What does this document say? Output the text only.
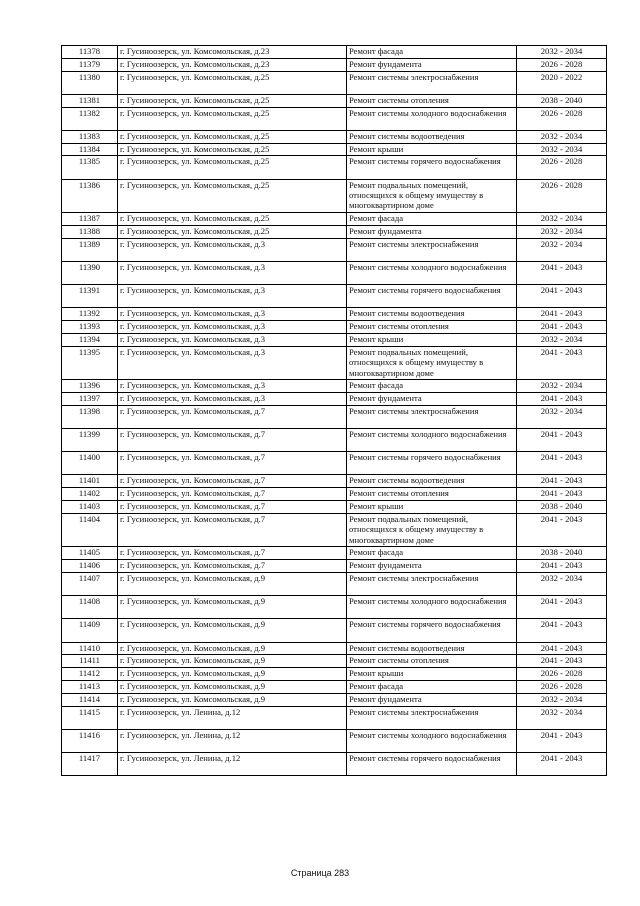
11378	г. Гусиноозерск, ул. Комсомольская, д.23	Ремонт фасада	2032 - 2034
11379	г. Гусиноозерск, ул. Комсомольская, д.23	Ремонт фундамента	2026 - 2028
11380	г. Гусиноозерск, ул. Комсомольская, д.25	Ремонт системы электроснабжения	2020 - 2022
11381	г. Гусиноозерск, ул. Комсомольская, д.25	Ремонт системы отопления	2038 - 2040
11382	г. Гусиноозерск, ул. Комсомольская, д.25	Ремонт системы холодного водоснабжения	2026 - 2028
11383	г. Гусиноозерск, ул. Комсомольская, д.25	Ремонт системы водоотведения	2032 - 2034
11384	г. Гусиноозерск, ул. Комсомольская, д.25	Ремонт крыши	2032 - 2034
11385	г. Гусиноозерск, ул. Комсомольская, д.25	Ремонт системы горячего водоснабжения	2026 - 2028
11386	г. Гусиноозерск, ул. Комсомольская, д.25	Ремонт подвальных помещений, относящихся к общему имуществу в многоквартирном доме	2026 - 2028
11387	г. Гусиноозерск, ул. Комсомольская, д.25	Ремонт фасада	2032 - 2034
11388	г. Гусиноозерск, ул. Комсомольская, д.25	Ремонт фундамента	2032 - 2034
11389	г. Гусиноозерск, ул. Комсомольская, д.3	Ремонт системы электроснабжения	2032 - 2034
11390	г. Гусиноозерск, ул. Комсомольская, д.3	Ремонт системы холодного водоснабжения	2041 - 2043
11391	г. Гусиноозерск, ул. Комсомольская, д.3	Ремонт системы горячего водоснабжения	2041 - 2043
11392	г. Гусиноозерск, ул. Комсомольская, д.3	Ремонт системы водоотведения	2041 - 2043
11393	г. Гусиноозерск, ул. Комсомольская, д.3	Ремонт системы отопления	2041 - 2043
11394	г. Гусиноозерск, ул. Комсомольская, д.3	Ремонт крыши	2032 - 2034
11395	г. Гусиноозерск, ул. Комсомольская, д.3	Ремонт подвальных помещений, относящихся к общему имуществу в многоквартирном доме	2041 - 2043
11396	г. Гусиноозерск, ул. Комсомольская, д.3	Ремонт фасада	2032 - 2034
11397	г. Гусиноозерск, ул. Комсомольская, д.3	Ремонт фундамента	2041 - 2043
11398	г. Гусиноозерск, ул. Комсомольская, д.7	Ремонт системы электроснабжения	2032 - 2034
11399	г. Гусиноозерск, ул. Комсомольская, д.7	Ремонт системы холодного водоснабжения	2041 - 2043
11400	г. Гусиноозерск, ул. Комсомольская, д.7	Ремонт системы горячего водоснабжения	2041 - 2043
11401	г. Гусиноозерск, ул. Комсомольская, д.7	Ремонт системы водоотведения	2041 - 2043
11402	г. Гусиноозерск, ул. Комсомольская, д.7	Ремонт системы отопления	2041 - 2043
11403	г. Гусиноозерск, ул. Комсомольская, д.7	Ремонт крыши	2038 - 2040
11404	г. Гусиноозерск, ул. Комсомольская, д.7	Ремонт подвальных помещений, относящихся к общему имуществу в многоквартирном доме	2041 - 2043
11405	г. Гусиноозерск, ул. Комсомольская, д.7	Ремонт фасада	2038 - 2040
11406	г. Гусиноозерск, ул. Комсомольская, д.7	Ремонт фундамента	2041 - 2043
11407	г. Гусиноозерск, ул. Комсомольская, д.9	Ремонт системы электроснабжения	2032 - 2034
11408	г. Гусиноозерск, ул. Комсомольская, д.9	Ремонт системы холодного водоснабжения	2041 - 2043
11409	г. Гусиноозерск, ул. Комсомольская, д.9	Ремонт системы горячего водоснабжения	2041 - 2043
11410	г. Гусиноозерск, ул. Комсомольская, д.9	Ремонт системы водоотведения	2041 - 2043
11411	г. Гусиноозерск, ул. Комсомольская, д.9	Ремонт системы отопления	2041 - 2043
11412	г. Гусиноозерск, ул. Комсомольская, д.9	Ремонт крыши	2026 - 2028
11413	г. Гусиноозерск, ул. Комсомольская, д.9	Ремонт фасада	2026 - 2028
11414	г. Гусиноозерск, ул. Комсомольская, д.9	Ремонт фундамента	2032 - 2034
11415	г. Гусиноозерск, ул. Ленина, д.12	Ремонт системы электроснабжения	2032 - 2034
11416	г. Гусиноозерск, ул. Ленина, д.12	Ремонт системы холодного водоснабжения	2041 - 2043
11417	г. Гусиноозерск, ул. Ленина, д.12	Ремонт системы горячего водоснабжения	2041 - 2043
Страница 283
